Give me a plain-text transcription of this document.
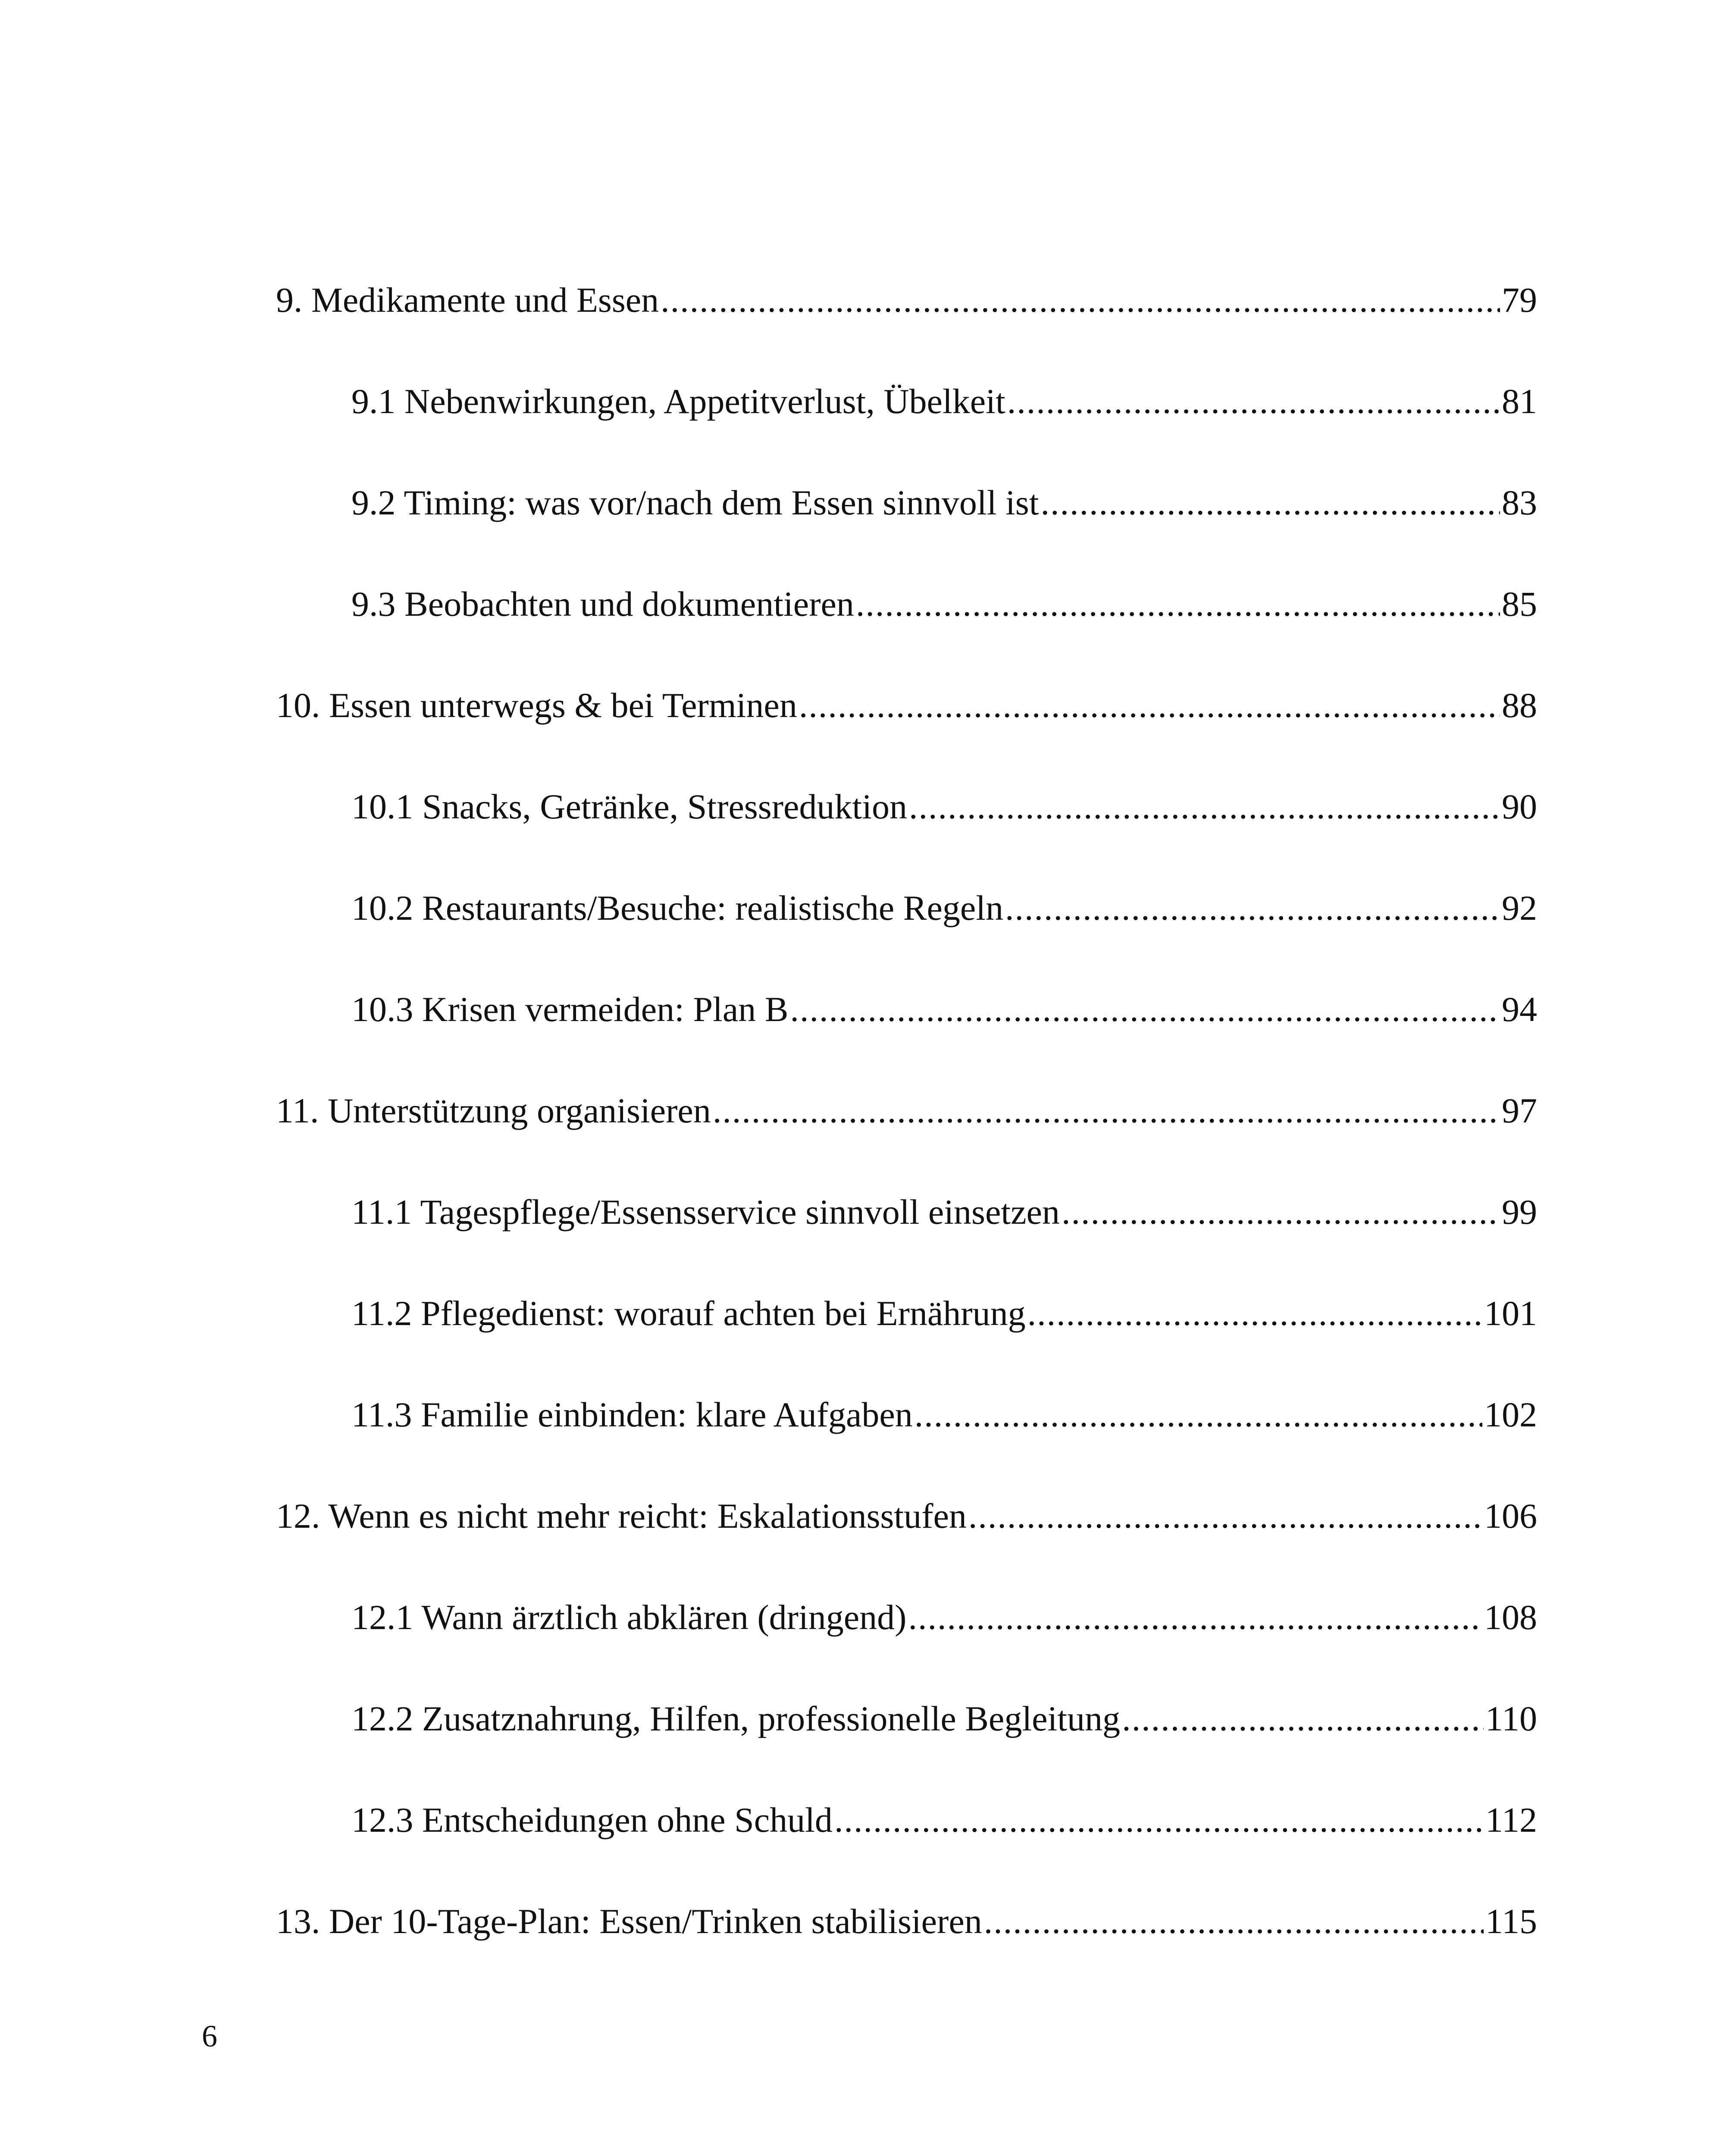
9. Medikamente und Essen .....	79
9.1 Nebenwirkungen, Appetitverlust, Übelkeit .....	81
9.2 Timing: was vor/nach dem Essen sinnvoll ist .....	83
9.3 Beobachten und dokumentieren .....	85
10. Essen unterwegs & bei Terminen .....	88
10.1 Snacks, Getränke, Stressreduktion .....	90
10.2 Restaurants/Besuche: realistische Regeln .....	92
10.3 Krisen vermeiden: Plan B .....	94
11. Unterstützung organisieren .....	97
11.1 Tagespflege/Essensservice sinnvoll einsetzen .....	99
11.2 Pflegedienst: worauf achten bei Ernährung .....	101
11.3 Familie einbinden: klare Aufgaben .....	102
12. Wenn es nicht mehr reicht: Eskalationsstufen .....	106
12.1 Wann ärztlich abklären (dringend) .....	108
12.2 Zusatznahrung, Hilfen, professionelle Begleitung .....	110
12.3 Entscheidungen ohne Schuld .....	112
13. Der 10-Tage-Plan: Essen/Trinken stabilisieren .....	115
6
